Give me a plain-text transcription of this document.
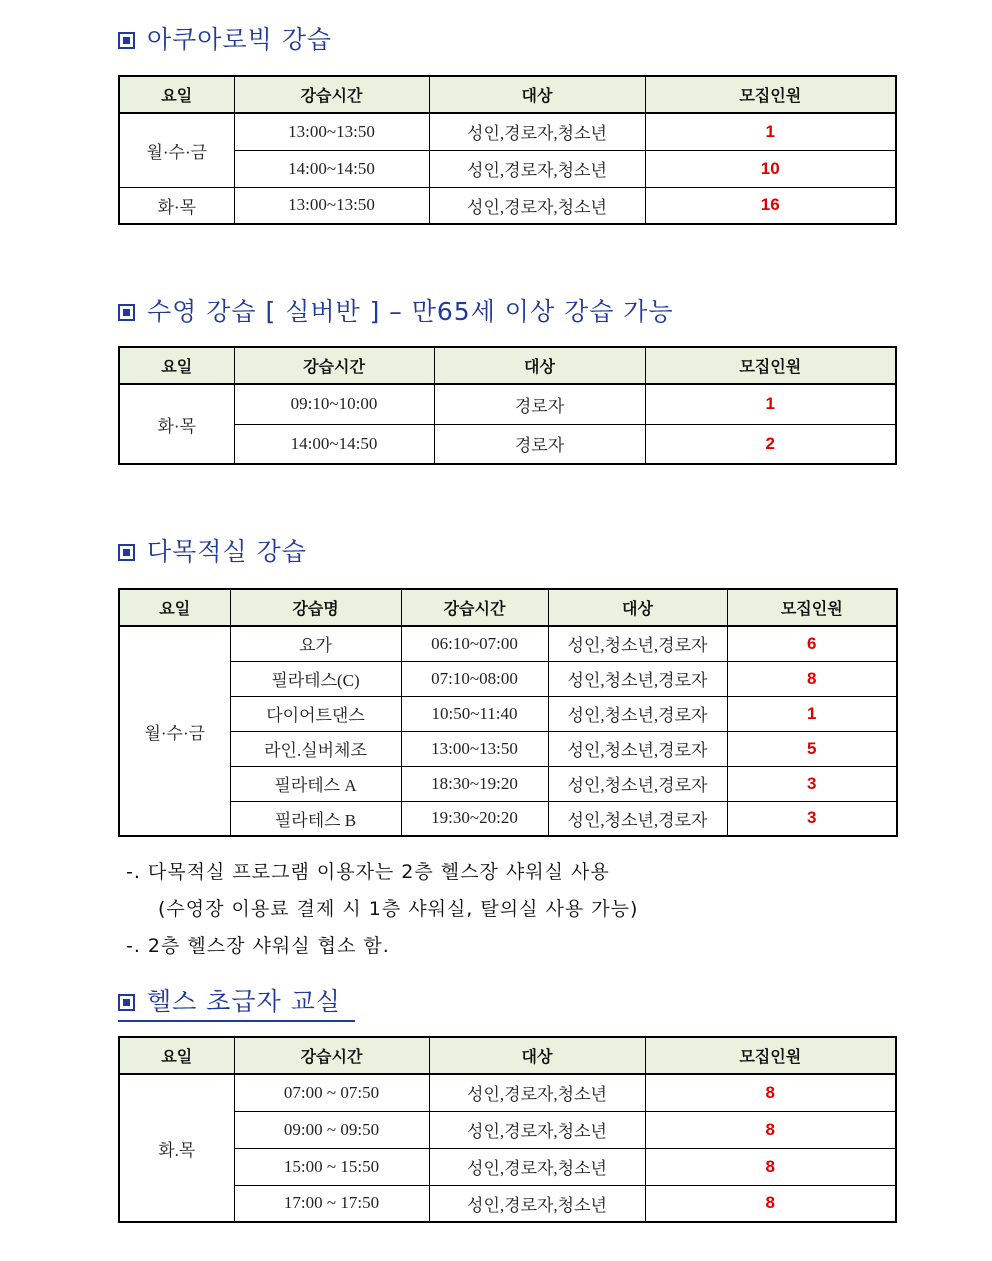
아쿠아로빅 강습
요일	강습시간	대상	모집인원
월·수·금	13:00~13:50	성인,경로자,청소년	1
	14:00~14:50	성인,경로자,청소년	10
화·목	13:00~13:50	성인,경로자,청소년	16
수영 강습 [ 실버반 ] – 만65세 이상 강습 가능
요일	강습시간	대상	모집인원
화·목	09:10~10:00	경로자	1
	14:00~14:50	경로자	2
다목적실 강습
요일	강습명	강습시간	대상	모집인원
월·수·금	요가	06:10~07:00	성인,청소년,경로자	6
	필라테스(C)	07:10~08:00	성인,청소년,경로자	8
	다이어트댄스	10:50~11:40	성인,청소년,경로자	1
	라인.실버체조	13:00~13:50	성인,청소년,경로자	5
	필라테스 A	18:30~19:20	성인,청소년,경로자	3
	필라테스 B	19:30~20:20	성인,청소년,경로자	3
-. 다목적실 프로그램 이용자는 2층 헬스장 샤워실 사용
(수영장 이용료 결제 시 1층 샤워실, 탈의실 사용 가능)
-. 2층 헬스장 샤워실 협소 함.
헬스 초급자 교실
요일	강습시간	대상	모집인원
화.목	07:00 ~ 07:50	성인,경로자,청소년	8
	09:00 ~ 09:50	성인,경로자,청소년	8
	15:00 ~ 15:50	성인,경로자,청소년	8
	17:00 ~ 17:50	성인,경로자,청소년	8
